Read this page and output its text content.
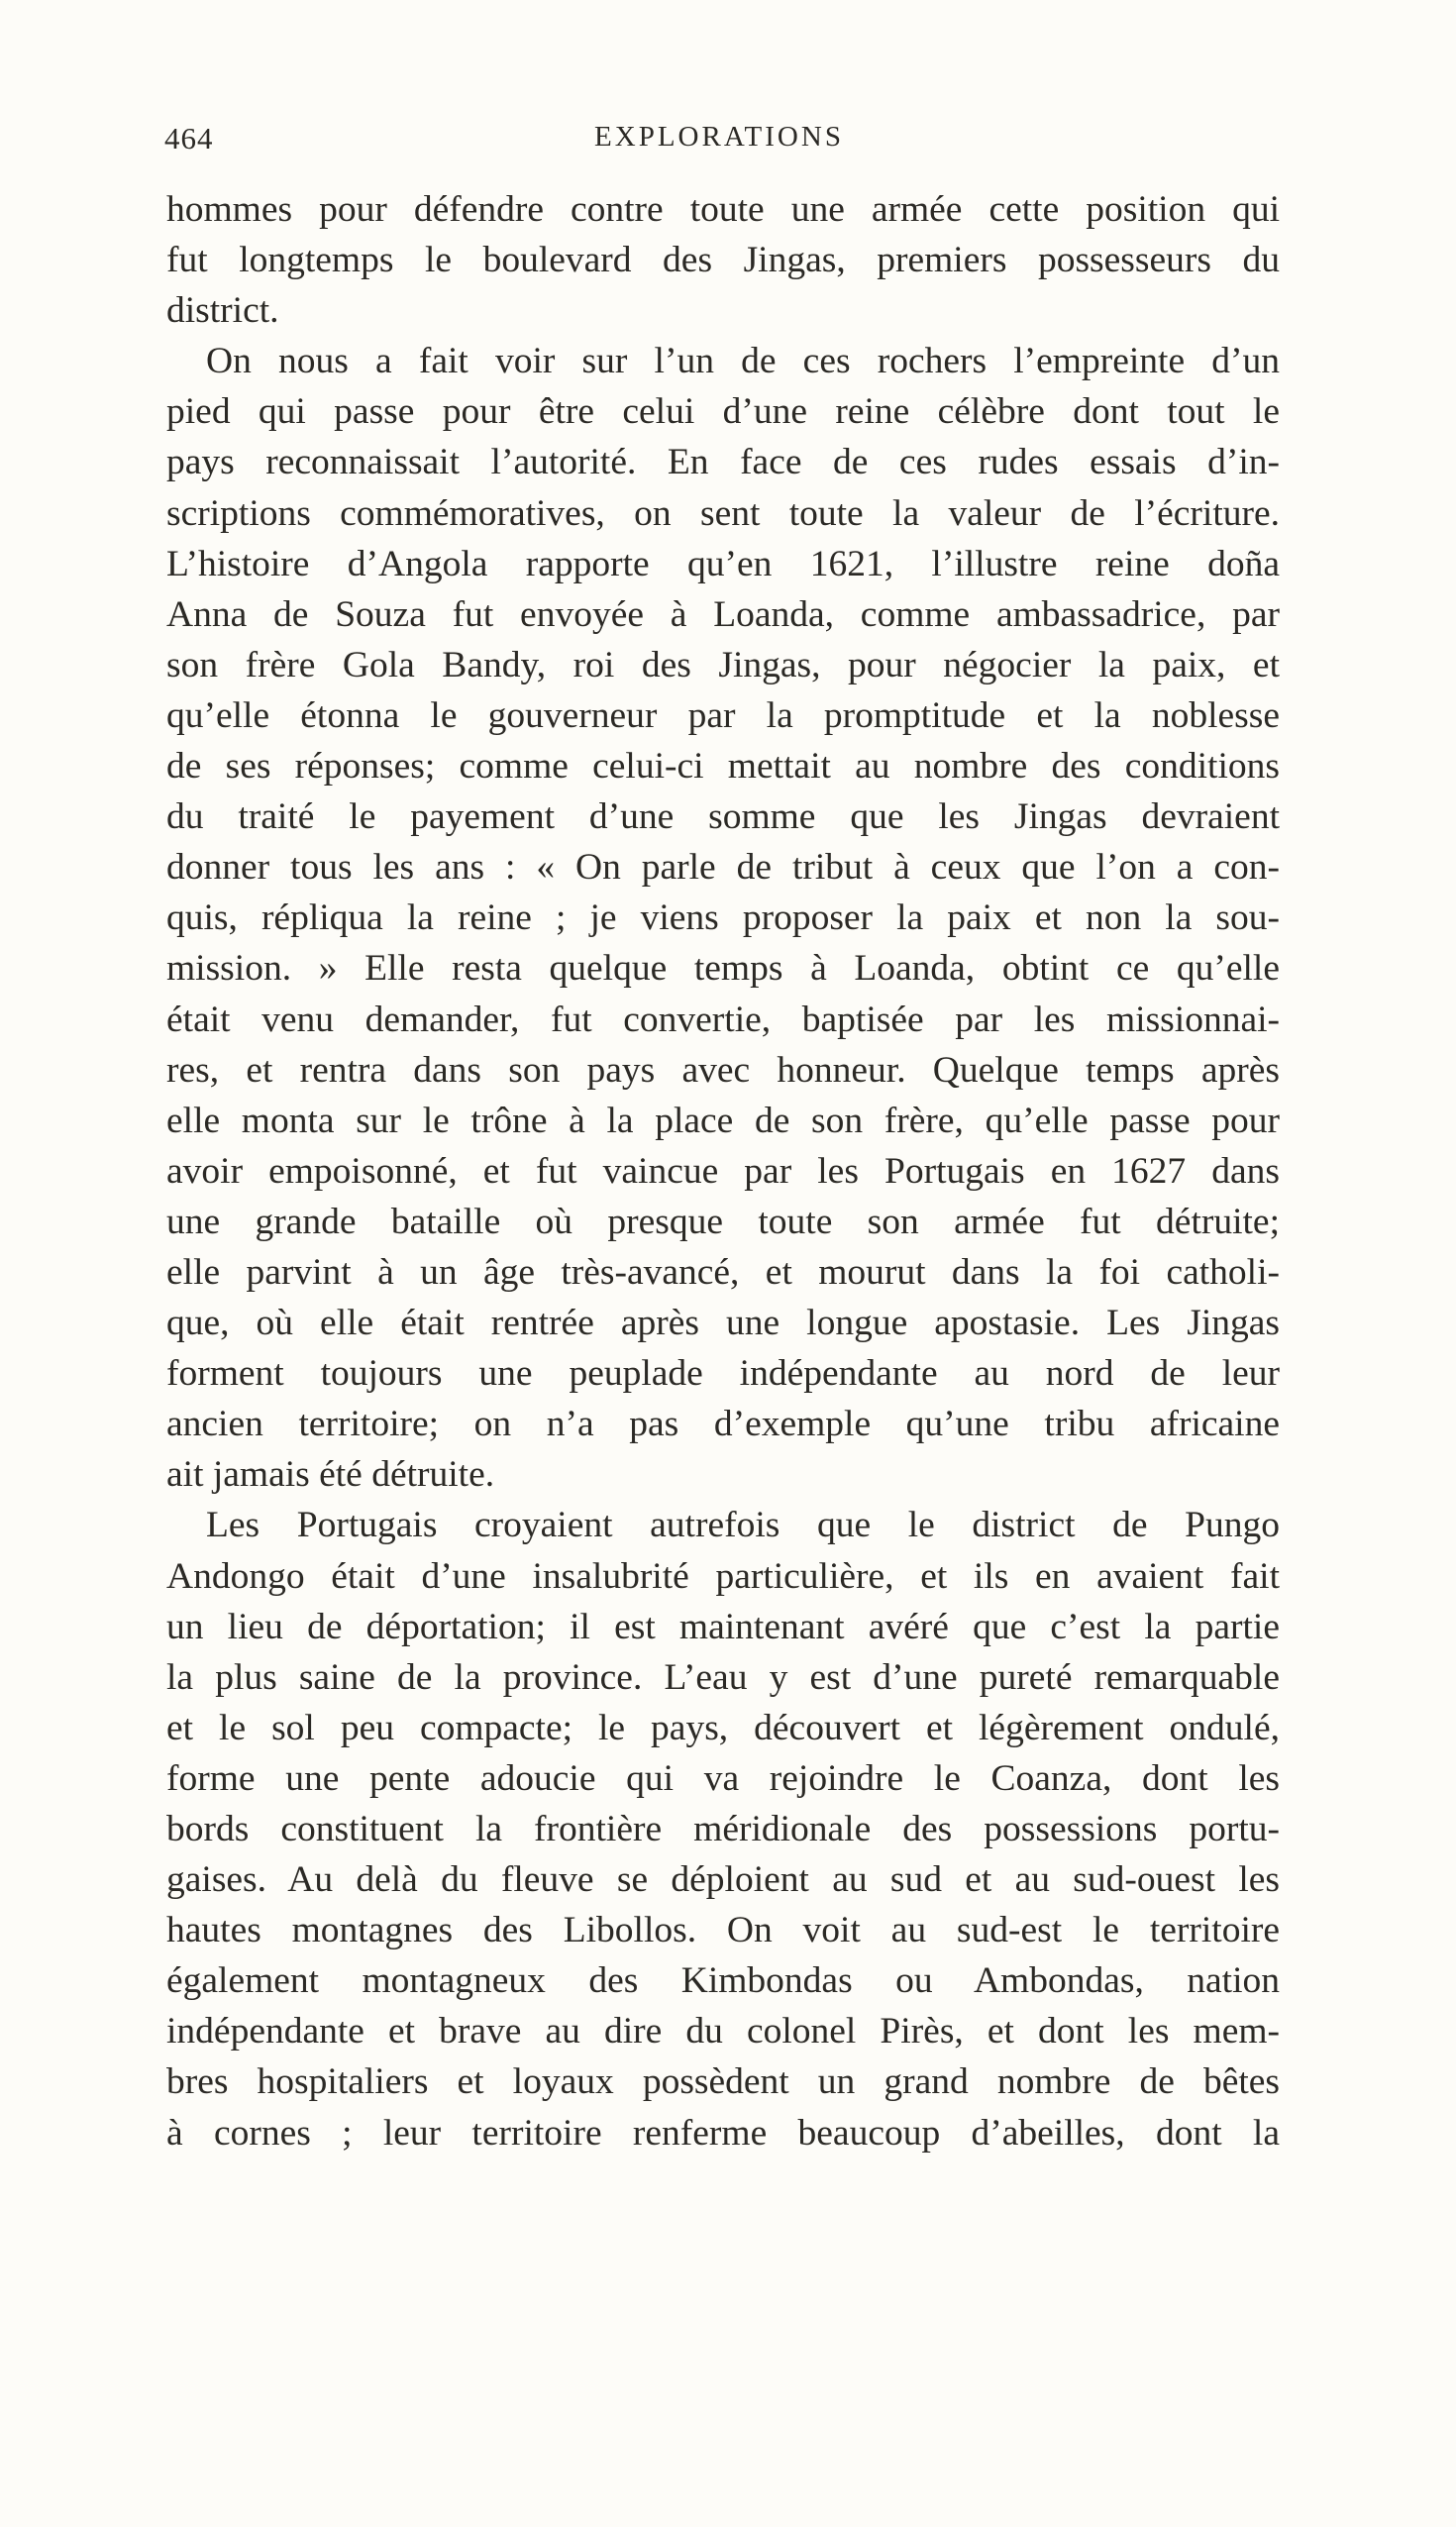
464	EXPLORATIONS
hommes pour défendre contre toute une armée cette position qui
fut longtemps le boulevard des Jingas, premiers possesseurs du
district.
On nous a fait voir sur l’un de ces rochers l’empreinte d’un
pied qui passe pour être celui d’une reine célèbre dont tout le
pays reconnaissait l’autorité. En face de ces rudes essais d’in-
scriptions commémoratives, on sent toute la valeur de l’écriture.
L’histoire d’Angola rapporte qu’en 1621, l’illustre reine doña
Anna de Souza fut envoyée à Loanda, comme ambassadrice, par
son frère Gola Bandy, roi des Jingas, pour négocier la paix, et
qu’elle étonna le gouverneur par la promptitude et la noblesse
de ses réponses; comme celui-ci mettait au nombre des conditions
du traité le payement d’une somme que les Jingas devraient
donner tous les ans : « On parle de tribut à ceux que l’on a con-
quis, répliqua la reine ; je viens proposer la paix et non la sou-
mission. » Elle resta quelque temps à Loanda, obtint ce qu’elle
était venu demander, fut convertie, baptisée par les missionnai-
res, et rentra dans son pays avec honneur. Quelque temps après
elle monta sur le trône à la place de son frère, qu’elle passe pour
avoir empoisonné, et fut vaincue par les Portugais en 1627 dans
une grande bataille où presque toute son armée fut détruite;
elle parvint à un âge très-avancé, et mourut dans la foi catholi-
que, où elle était rentrée après une longue apostasie. Les Jingas
forment toujours une peuplade indépendante au nord de leur
ancien territoire; on n’a pas d’exemple qu’une tribu africaine
ait jamais été détruite.
Les Portugais croyaient autrefois que le district de Pungo
Andongo était d’une insalubrité particulière, et ils en avaient fait
un lieu de déportation; il est maintenant avéré que c’est la partie
la plus saine de la province. L’eau y est d’une pureté remarquable
et le sol peu compacte; le pays, découvert et légèrement ondulé,
forme une pente adoucie qui va rejoindre le Coanza, dont les
bords constituent la frontière méridionale des possessions portu-
gaises. Au delà du fleuve se déploient au sud et au sud-ouest les
hautes montagnes des Libollos. On voit au sud-est le territoire
également montagneux des Kimbondas ou Ambondas, nation
indépendante et brave au dire du colonel Pirès, et dont les mem-
bres hospitaliers et loyaux possèdent un grand nombre de bêtes
à cornes ; leur territoire renferme beaucoup d’abeilles, dont la
